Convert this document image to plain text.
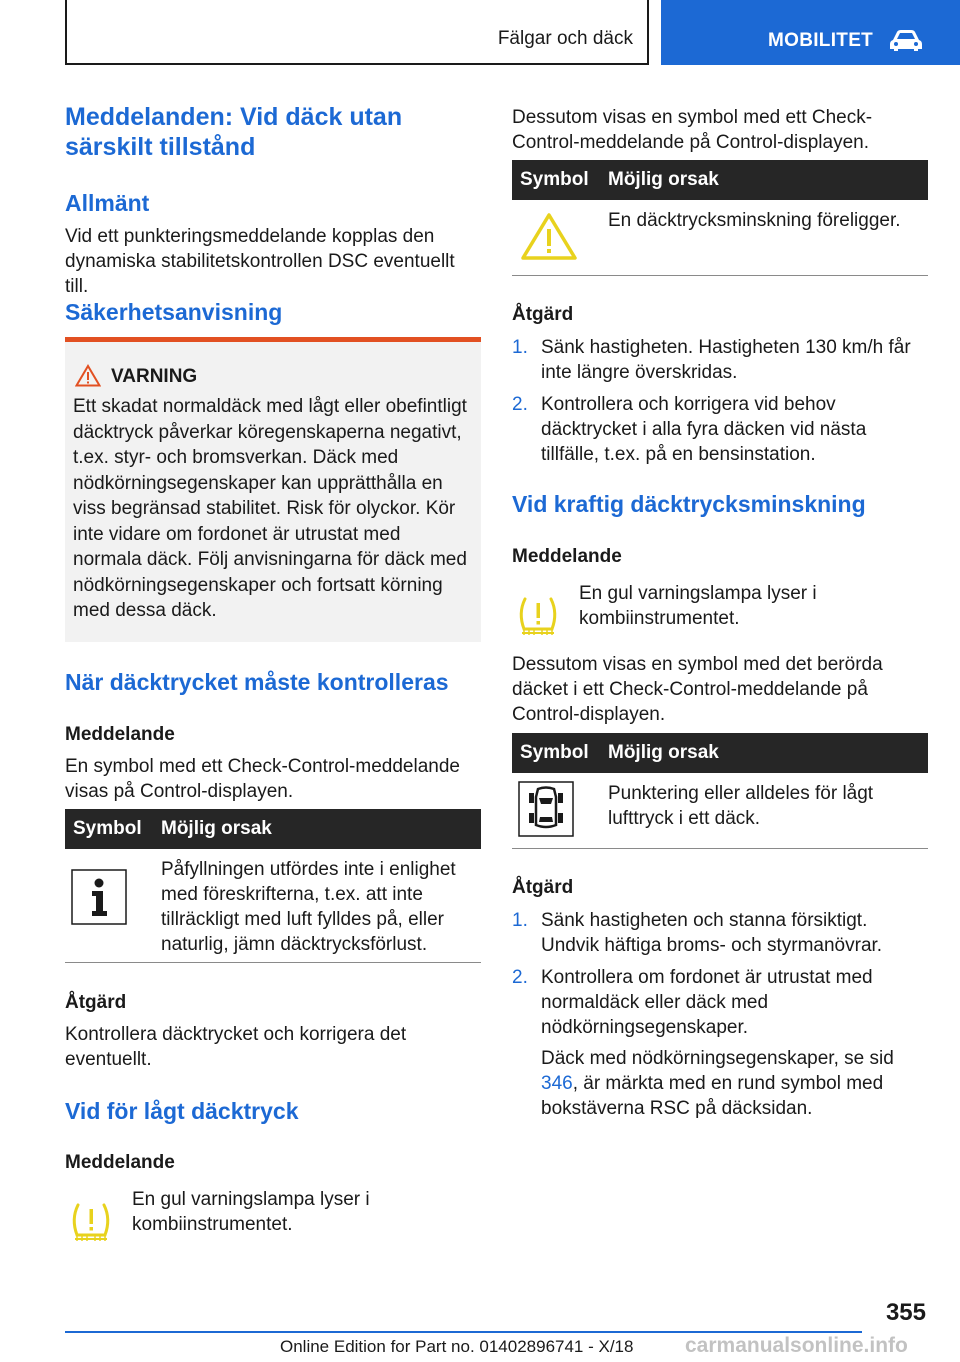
Fälgar och däck	MOBILITET
Meddelanden: Vid däck utan särskilt tillstånd
Allmänt
Vid ett punkteringsmeddelande kopplas den dynamiska stabilitetskontrollen DSC eventuellt till.
Säkerhetsanvisning
VARNING
Ett skadat normaldäck med lågt eller obefintligt däcktryck påverkar köregenskaperna negativt, t.ex. styr- och bromsverkan. Däck med nödkörningsegenskaper kan upprätthålla en viss begränsad stabilitet. Risk för olyckor. Kör inte vidare om fordonet är utrustat med normala däck. Följ anvisningarna för däck med nödkörningsegenskaper och fortsatt körning med dessa däck.
När däcktrycket måste kontrolleras
Meddelande
En symbol med ett Check-Control-meddelande visas på Control-displayen.
Symbol Möjlig orsak
Påfyllningen utfördes inte i enlighet med föreskrifterna, t.ex. att inte tillräckligt med luft fylldes på, eller naturlig, jämn däcktrycksförlust.
Åtgärd
Kontrollera däcktrycket och korrigera det eventuellt.
Vid för lågt däcktryck
Meddelande
En gul varningslampa lyser i kombiinstrumentet.
Dessutom visas en symbol med ett Check-Control-meddelande på Control-displayen.
Symbol Möjlig orsak
En däcktrycksminskning föreligger.
Åtgärd
1. Sänk hastigheten. Hastigheten 130 km/h får inte längre överskridas.
2. Kontrollera och korrigera vid behov däcktrycket i alla fyra däcken vid nästa tillfälle, t.ex. på en bensinstation.
Vid kraftig däcktrycksminskning
Meddelande
En gul varningslampa lyser i kombiinstrumentet.
Dessutom visas en symbol med det berörda däcket i ett Check-Control-meddelande på Control-displayen.
Symbol Möjlig orsak
Punktering eller alldeles för lågt lufttryck i ett däck.
Åtgärd
1. Sänk hastigheten och stanna försiktigt. Undvik häftiga broms- och styrmanövrar.
2. Kontrollera om fordonet är utrustat med normaldäck eller däck med nödkörningsegenskaper.
Däck med nödkörningsegenskaper, se sid 346, är märkta med en rund symbol med bokstäverna RSC på däcksidan.
355
Online Edition for Part no. 01402896741 - X/18 carmanualsonline.info
